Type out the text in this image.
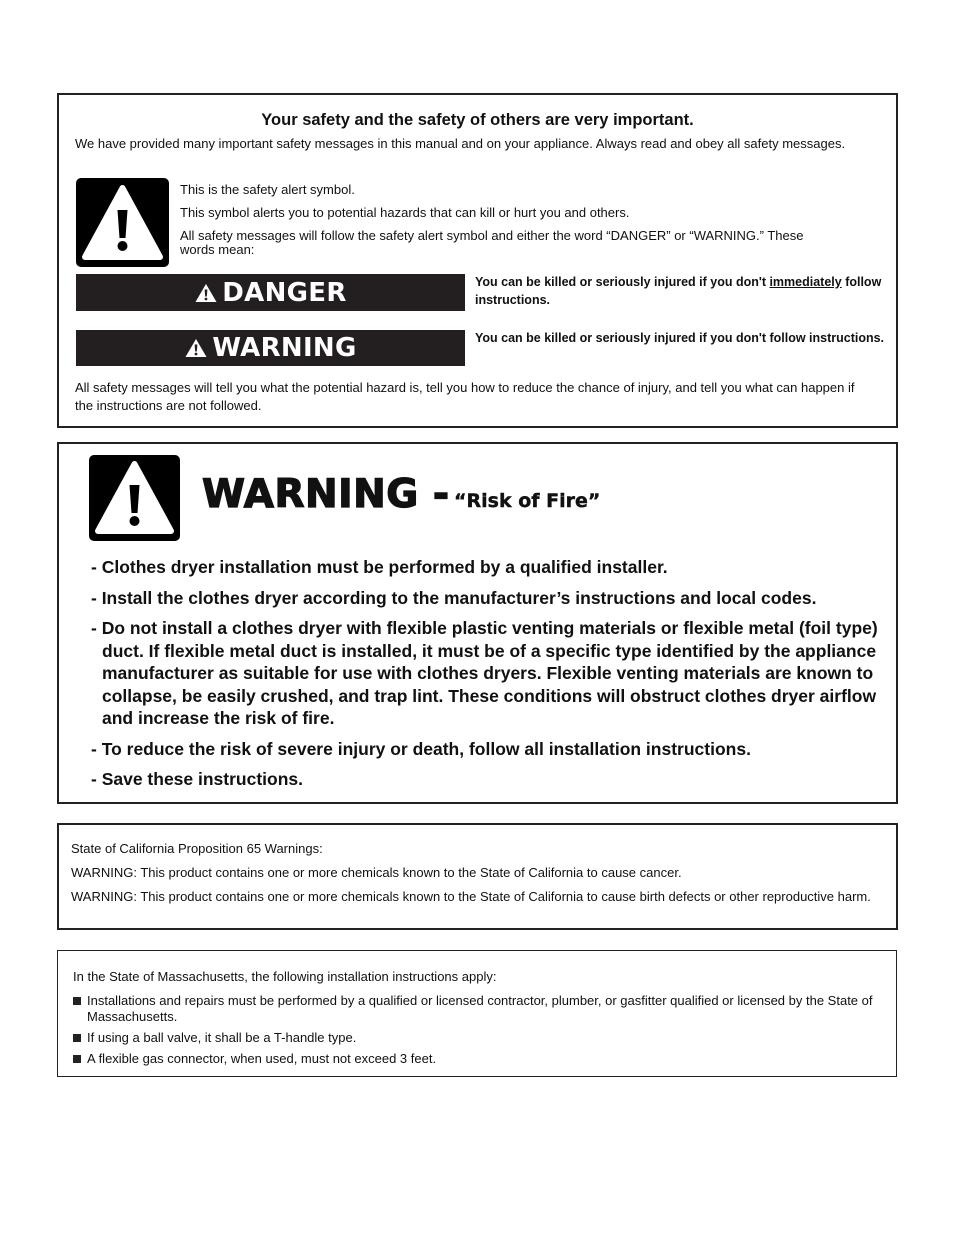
Your safety and the safety of others are very important.
We have provided many important safety messages in this manual and on your appliance. Always read and obey all safety messages.
This is the safety alert symbol.
This symbol alerts you to potential hazards that can kill or hurt you and others.
All safety messages will follow the safety alert symbol and either the word “DANGER” or “WARNING.” These words mean:
DANGER	You can be killed or seriously injured if you don't immediately follow instructions.
WARNING	You can be killed or seriously injured if you don't follow instructions.
All safety messages will tell you what the potential hazard is, tell you how to reduce the chance of injury, and tell you what can happen if the instructions are not followed.
WARNING - “Risk of Fire”
- Clothes dryer installation must be performed by a qualified installer.
- Install the clothes dryer according to the manufacturer’s instructions and local codes.
- Do not install a clothes dryer with flexible plastic venting materials or flexible metal (foil type) duct. If flexible metal duct is installed, it must be of a specific type identified by the appliance manufacturer as suitable for use with clothes dryers. Flexible venting materials are known to collapse, be easily crushed, and trap lint. These conditions will obstruct clothes dryer airflow and increase the risk of fire.
- To reduce the risk of severe injury or death, follow all installation instructions.
- Save these instructions.
State of California Proposition 65 Warnings:
WARNING: This product contains one or more chemicals known to the State of California to cause cancer.
WARNING: This product contains one or more chemicals known to the State of California to cause birth defects or other reproductive harm.
In the State of Massachusetts, the following installation instructions apply:
Installations and repairs must be performed by a qualified or licensed contractor, plumber, or gasfitter qualified or licensed by the State of Massachusetts.
If using a ball valve, it shall be a T-handle type.
A flexible gas connector, when used, must not exceed 3 feet.
